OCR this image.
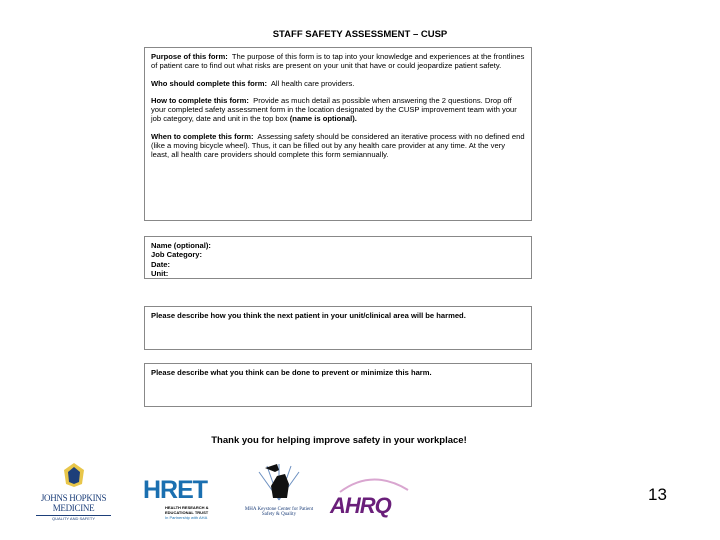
STAFF SAFETY ASSESSMENT – CUSP

Purpose of this form: The purpose of this form is to tap into your knowledge and experiences at the frontlines of patient care to find out what risks are present on your unit that have or could jeopardize patient safety.

Who should complete this form: All health care providers.

How to complete this form: Provide as much detail as possible when answering the 2 questions. Drop off your completed safety assessment form in the location designated by the CUSP improvement team with your job category, date and unit in the top box (name is optional).

When to complete this form: Assessing safety should be considered an iterative process with no defined end (like a moving bicycle wheel). Thus, it can be filled out by any health care provider at any time. At the very least, all health care providers should complete this form semiannually.

Name (optional):
Job Category:
Date:
Unit:
Please describe how you think the next patient in your unit/clinical area will be harmed.
Please describe what you think can be done to prevent or minimize this harm.
Thank you for helping improve safety in your workplace!
JOHNS HOPKINS MEDICINE
QUALITY AND SAFETY
HRET
HEALTH RESEARCH & EDUCATIONAL TRUST
In Partnership with AHA
MHA Keystone Center for Patient Safety & Quality	AHRQ	13
